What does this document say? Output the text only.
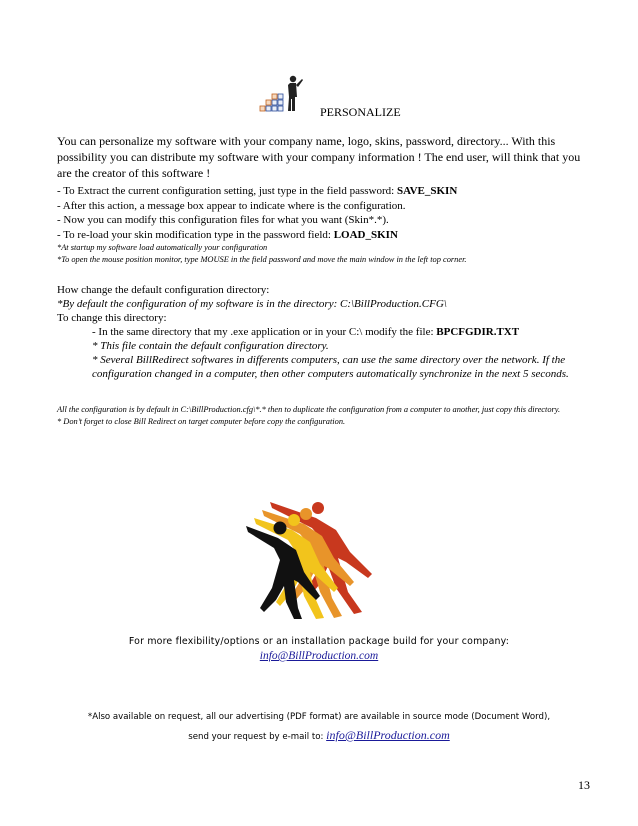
PERSONALIZE
You can personalize my software with your company name, logo, skins, password, directory... With this possibility you can distribute my software with your company information ! The end user, will think that you are the creator of this software !
- To Extract the current configuration setting, just type in the field password: SAVE_SKIN
- After this action, a message box appear to indicate where is the configuration.
- Now you can modify this configuration files for what you want (Skin*.*).
- To re-load your skin modification type in the password field: LOAD_SKIN
*At startup my software load automatically your configuration
*To open the mouse position monitor, type MOUSE in the field password and move the main window in the left top corner.
How change the default configuration directory:
*By default the configuration of my software is in the directory: C:\BillProduction.CFG\
To change this directory:
- In the same directory that my .exe application or in your C:\ modify the file: BPCFGDIR.TXT
* This file contain the default configuration directory.
* Several BillRedirect softwares in differents computers, can use the same directory over the network. If the configuration changed in a computer, then other computers automatically synchronize in the next 5 seconds.
All the configuration is by default in C:\BillProduction.cfg\*.* then to duplicate the configuration from a computer to another, just copy this directory.
* Don’t forget to close Bill Redirect on target computer before copy the configuration.
For more flexibility/options or an installation package build for your company:
info@BillProduction.com
*Also available on request, all our advertising (PDF format) are available in source mode (Document Word),
send your request by e-mail to: info@BillProduction.com
13
